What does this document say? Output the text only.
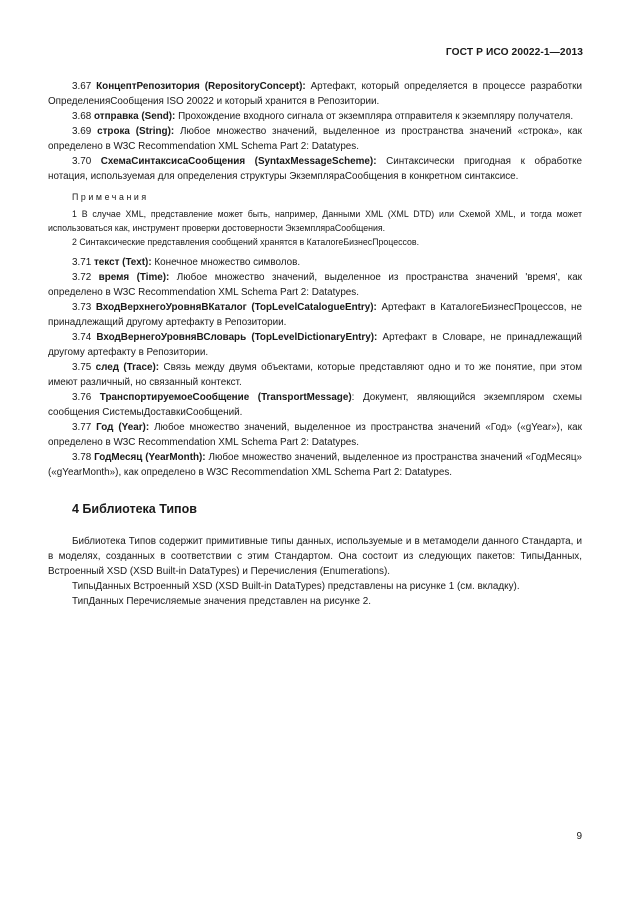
ГОСТ Р ИСО 20022-1—2013

3.67 КонцептРепозитория (RepositoryConcept): Артефакт, который определяется в процессе разработки ОпределенияСообщения ISO 20022 и который хранится в Репозитории.

3.68 отправка (Send): Прохождение входного сигнала от экземпляра отправителя к экземпляру получателя.

3.69 строка (String): Любое множество значений, выделенное из пространства значений «строка», как определено в W3C Recommendation XML Schema Part 2: Datatypes.

3.70 СхемаСинтаксисаСообщения (SyntaxMessageScheme): Синтаксически пригодная к обработке нотация, используемая для определения структуры ЭкземпляраСообщения в конкретном синтаксисе.

Примечания

1 В случае XML, представление может быть, например, Данными XML (XML DTD) или Схемой XML, и тогда может использоваться как, инструмент проверки достоверности ЭкземпляраСообщения.

2 Синтаксические представления сообщений хранятся в КаталогеБизнесПроцессов.

3.71 текст (Text): Конечное множество символов.

3.72 время (Time): Любое множество значений, выделенное из пространства значений 'время', как определено в W3C Recommendation XML Schema Part 2: Datatypes.

3.73 ВходВерхнегоУровняВКаталог (TopLevelCatalogueEntry): Артефакт в КаталогеБизнесПроцессов, не принадлежащий другому артефакту в Репозитории.

3.74 ВходВернегоУровняВСловарь (TopLevelDictionaryEntry): Артефакт в Словаре, не принадлежащий другому артефакту в Репозитории.

3.75 след (Trace): Связь между двумя объектами, которые представляют одно и то же понятие, при этом имеют различный, но связанный контекст.

3.76 ТранспортируемоеСообщение (TransportMessage): Документ, являющийся экземпляром схемы сообщения СистемыДоставкиСообщений.

3.77 Год (Year): Любое множество значений, выделенное из пространства значений «Год» («gYear»), как определено в W3C Recommendation XML Schema Part 2: Datatypes.

3.78 ГодМесяц (YearMonth): Любое множество значений, выделенное из пространства значений «ГодМесяц» («gYearMonth»), как определено в W3C Recommendation XML Schema Part 2: Datatypes.

4 Библиотека Типов

Библиотека Типов содержит примитивные типы данных, используемые и в метамодели данного Стандарта, и в моделях, созданных в соответствии с этим Стандартом. Она состоит из следующих пакетов: ТипыДанных, Встроенный XSD (XSD Built-in DataTypes) и Перечисления (Enumerations).

ТипыДанных Встроенный XSD (XSD Built-in DataTypes) представлены на рисунке 1 (см. вкладку).

ТипДанных Перечисляемые значения представлен на рисунке 2.

9
